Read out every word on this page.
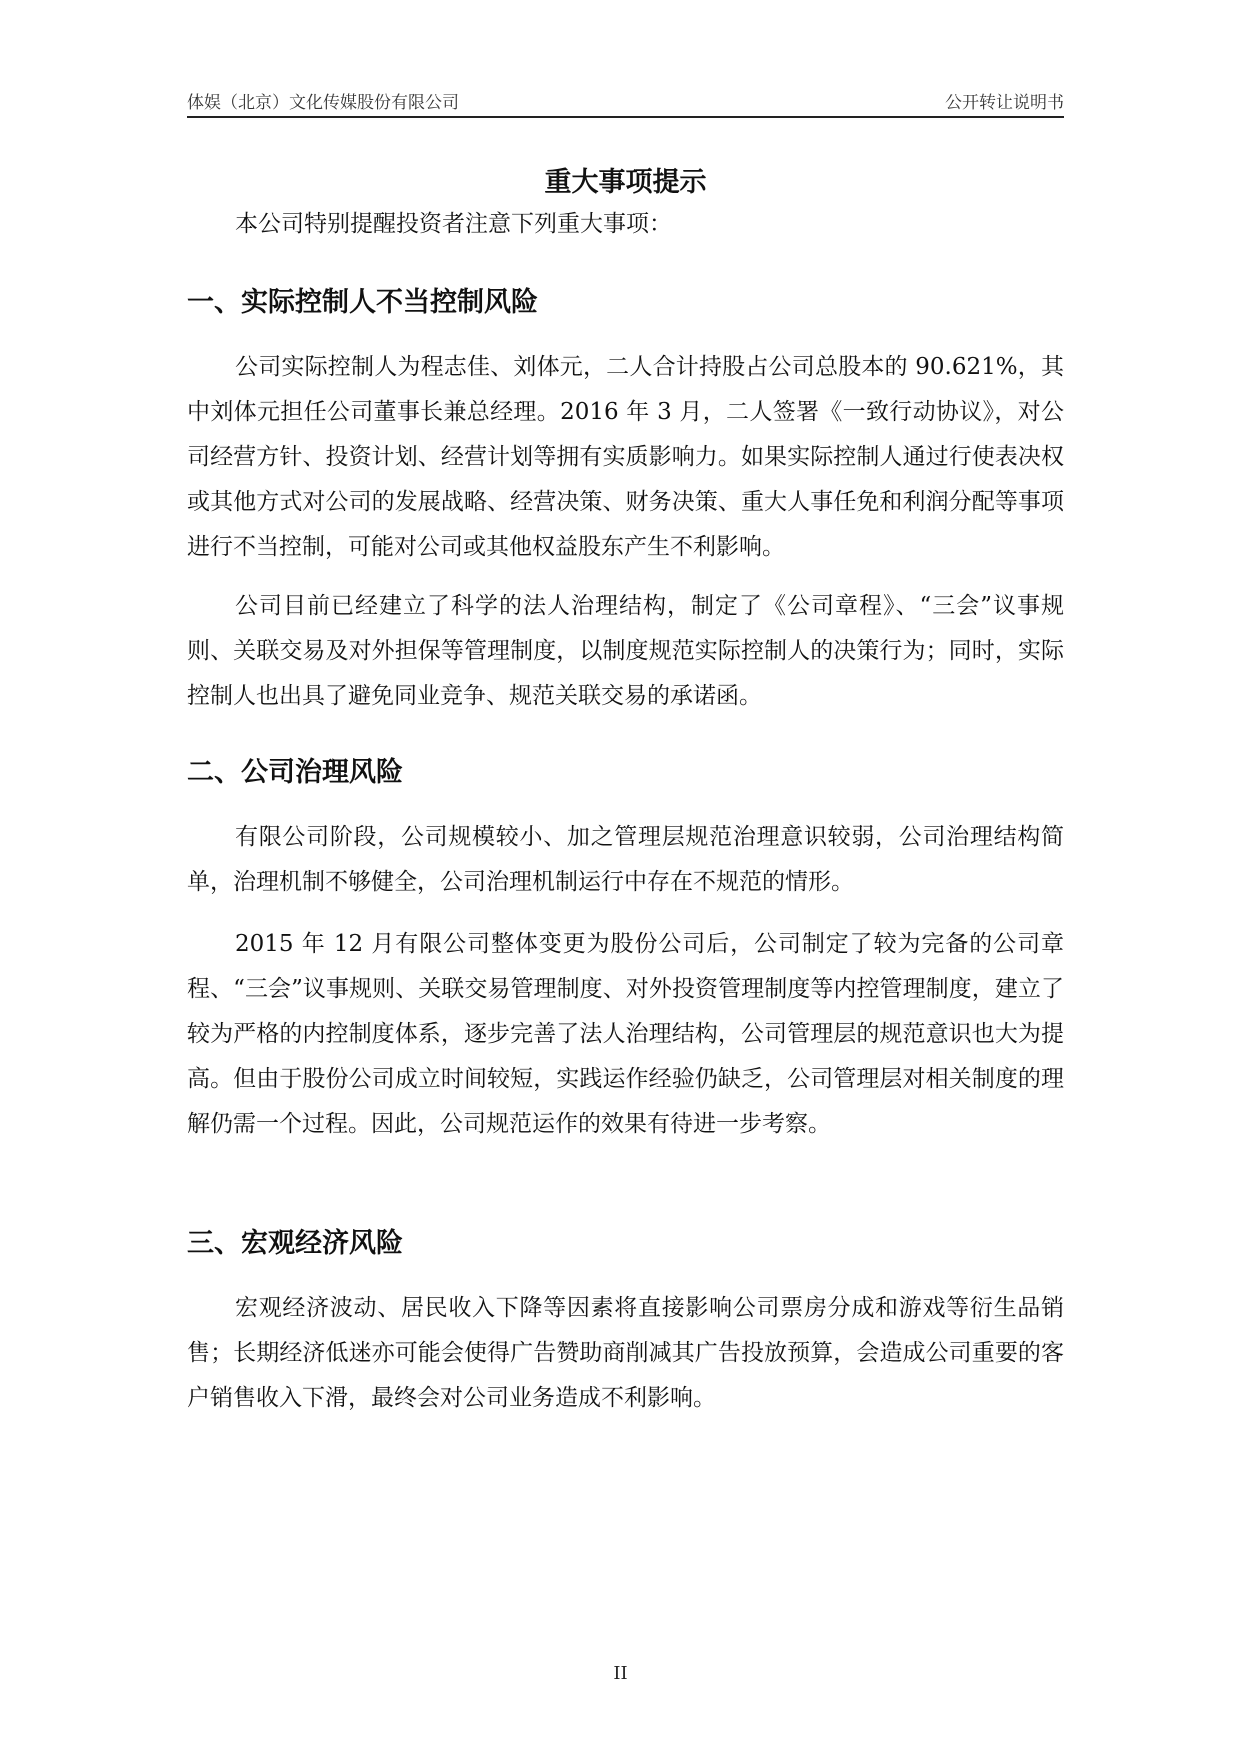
体娱（北京）文化传媒股份有限公司	公开转让说明书
重大事项提示

本公司特别提醒投资者注意下列重大事项：

一、实际控制人不当控制风险

公司实际控制人为程志佳、刘体元，二人合计持股占公司总股本的 90.621%，其中刘体元担任公司董事长兼总经理。2016 年 3 月，二人签署《一致行动协议》，对公司经营方针、投资计划、经营计划等拥有实质影响力。如果实际控制人通过行使表决权或其他方式对公司的发展战略、经营决策、财务决策、重大人事任免和利润分配等事项进行不当控制，可能对公司或其他权益股东产生不利影响。

公司目前已经建立了科学的法人治理结构，制定了《公司章程》、“三会”议事规则、关联交易及对外担保等管理制度，以制度规范实际控制人的决策行为；同时，实际控制人也出具了避免同业竞争、规范关联交易的承诺函。

二、公司治理风险

有限公司阶段，公司规模较小、加之管理层规范治理意识较弱，公司治理结构简单，治理机制不够健全，公司治理机制运行中存在不规范的情形。

2015 年 12 月有限公司整体变更为股份公司后，公司制定了较为完备的公司章程、“三会”议事规则、关联交易管理制度、对外投资管理制度等内控管理制度，建立了较为严格的内控制度体系，逐步完善了法人治理结构，公司管理层的规范意识也大为提高。但由于股份公司成立时间较短，实践运作经验仍缺乏，公司管理层对相关制度的理解仍需一个过程。因此，公司规范运作的效果有待进一步考察。

三、宏观经济风险

宏观经济波动、居民收入下降等因素将直接影响公司票房分成和游戏等衍生品销售；长期经济低迷亦可能会使得广告赞助商削减其广告投放预算，会造成公司重要的客户销售收入下滑，最终会对公司业务造成不利影响。

II
